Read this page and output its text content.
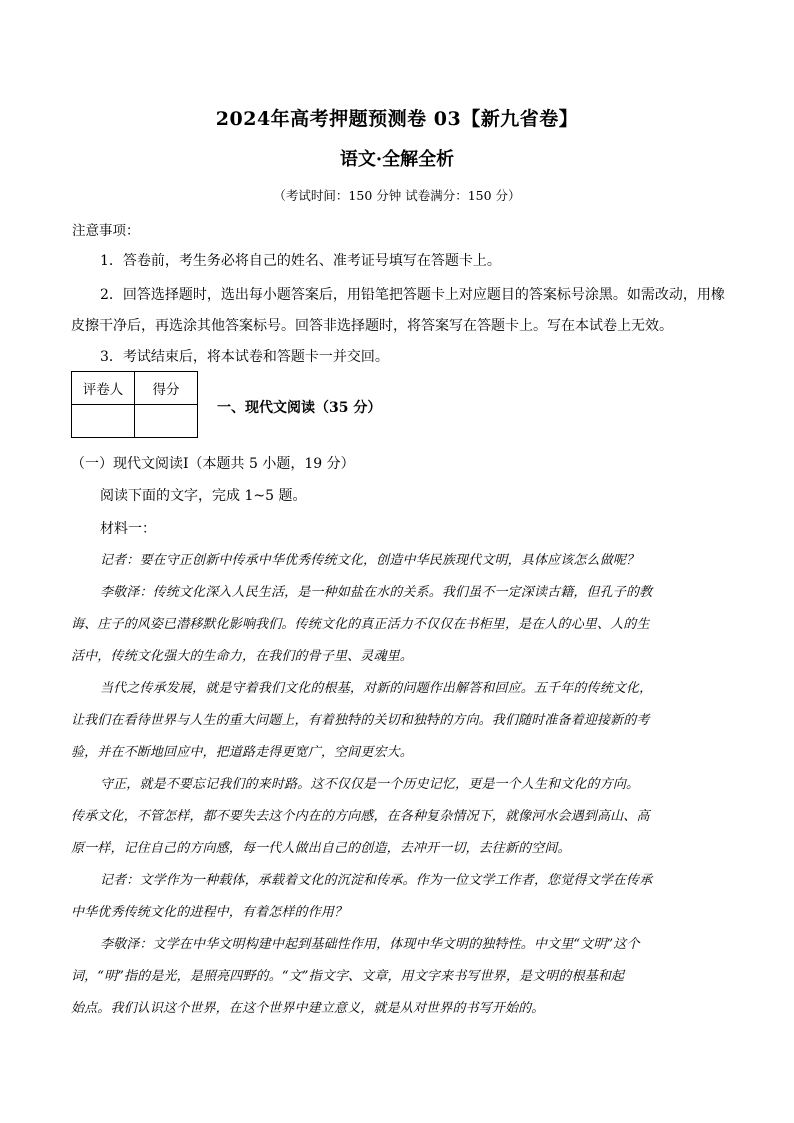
2024年高考押题预测卷 03【新九省卷】
语文·全解全析
（考试时间：150 分钟 试卷满分：150 分）
注意事项：
1．答卷前，考生务必将自己的姓名、准考证号填写在答题卡上。
2．回答选择题时，选出每小题答案后，用铅笔把答题卡上对应题目的答案标号涂黑。如需改动，用橡
皮擦干净后，再选涂其他答案标号。回答非选择题时，将答案写在答题卡上。写在本试卷上无效。
3．考试结束后，将本试卷和答题卡一并交回。
评卷人	得分

一、现代文阅读（35 分）
（一）现代文阅读Ⅰ（本题共 5 小题，19 分）
阅读下面的文字，完成 1~5 题。
材料一：
记者：要在守正创新中传承中华优秀传统文化，创造中华民族现代文明，具体应该怎么做呢？
李敬泽：传统文化深入人民生活，是一种如盐在水的关系。我们虽不一定深读古籍，但孔子的教
诲、庄子的风姿已潜移默化影响我们。传统文化的真正活力不仅仅在书柜里，是在人的心里、人的生
活中，传统文化强大的生命力，在我们的骨子里、灵魂里。
当代之传承发展，就是守着我们文化的根基，对新的问题作出解答和回应。五千年的传统文化，
让我们在看待世界与人生的重大问题上，有着独特的关切和独特的方向。我们随时准备着迎接新的考
验，并在不断地回应中，把道路走得更宽广，空间更宏大。
守正，就是不要忘记我们的来时路。这不仅仅是一个历史记忆，更是一个人生和文化的方向。
传承文化，不管怎样，都不要失去这个内在的方向感，在各种复杂情况下，就像河水会遇到高山、高
原一样，记住自己的方向感，每一代人做出自己的创造，去冲开一切，去往新的空间。
记者：文学作为一种载体，承载着文化的沉淀和传承。作为一位文学工作者，您觉得文学在传承
中华优秀传统文化的进程中，有着怎样的作用？
李敬泽：文学在中华文明构建中起到基础性作用，体现中华文明的独特性。中文里“文明”这个
词，“明”指的是光，是照亮四野的。“文”指文字、文章，用文字来书写世界，是文明的根基和起
始点。我们认识这个世界，在这个世界中建立意义，就是从对世界的书写开始的。
